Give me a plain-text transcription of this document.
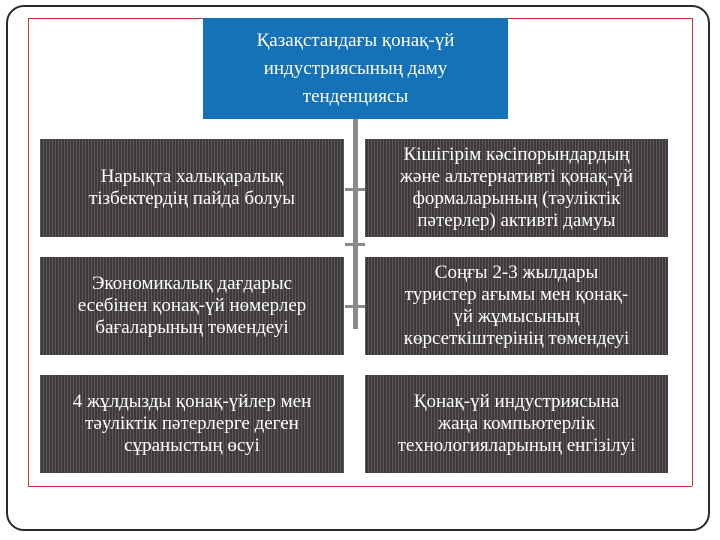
Қазақстандағы қонақ-үй индустриясының даму тенденциясы
Нарықта халықаралық
тізбектердің пайда болуы
Кішігірім кәсіпорындардың
және альтернативті қонақ-үй
формаларының (тәуліктік
пәтерлер) активті дамуы
Экономикалық дағдарыс
есебінен қонақ-үй нөмерлер
бағаларының төмендеуі
Соңғы 2-3 жылдары
туристер ағымы мен қонақ-
үй жұмысының
көрсеткіштерінің төмендеуі
4 жұлдызды қонақ-үйлер мен
тәуліктік пәтерлерге деген
сұраныстың өсуі
Қонақ-үй индустриясына
жаңа компьютерлік
технологияларының енгізілуі
